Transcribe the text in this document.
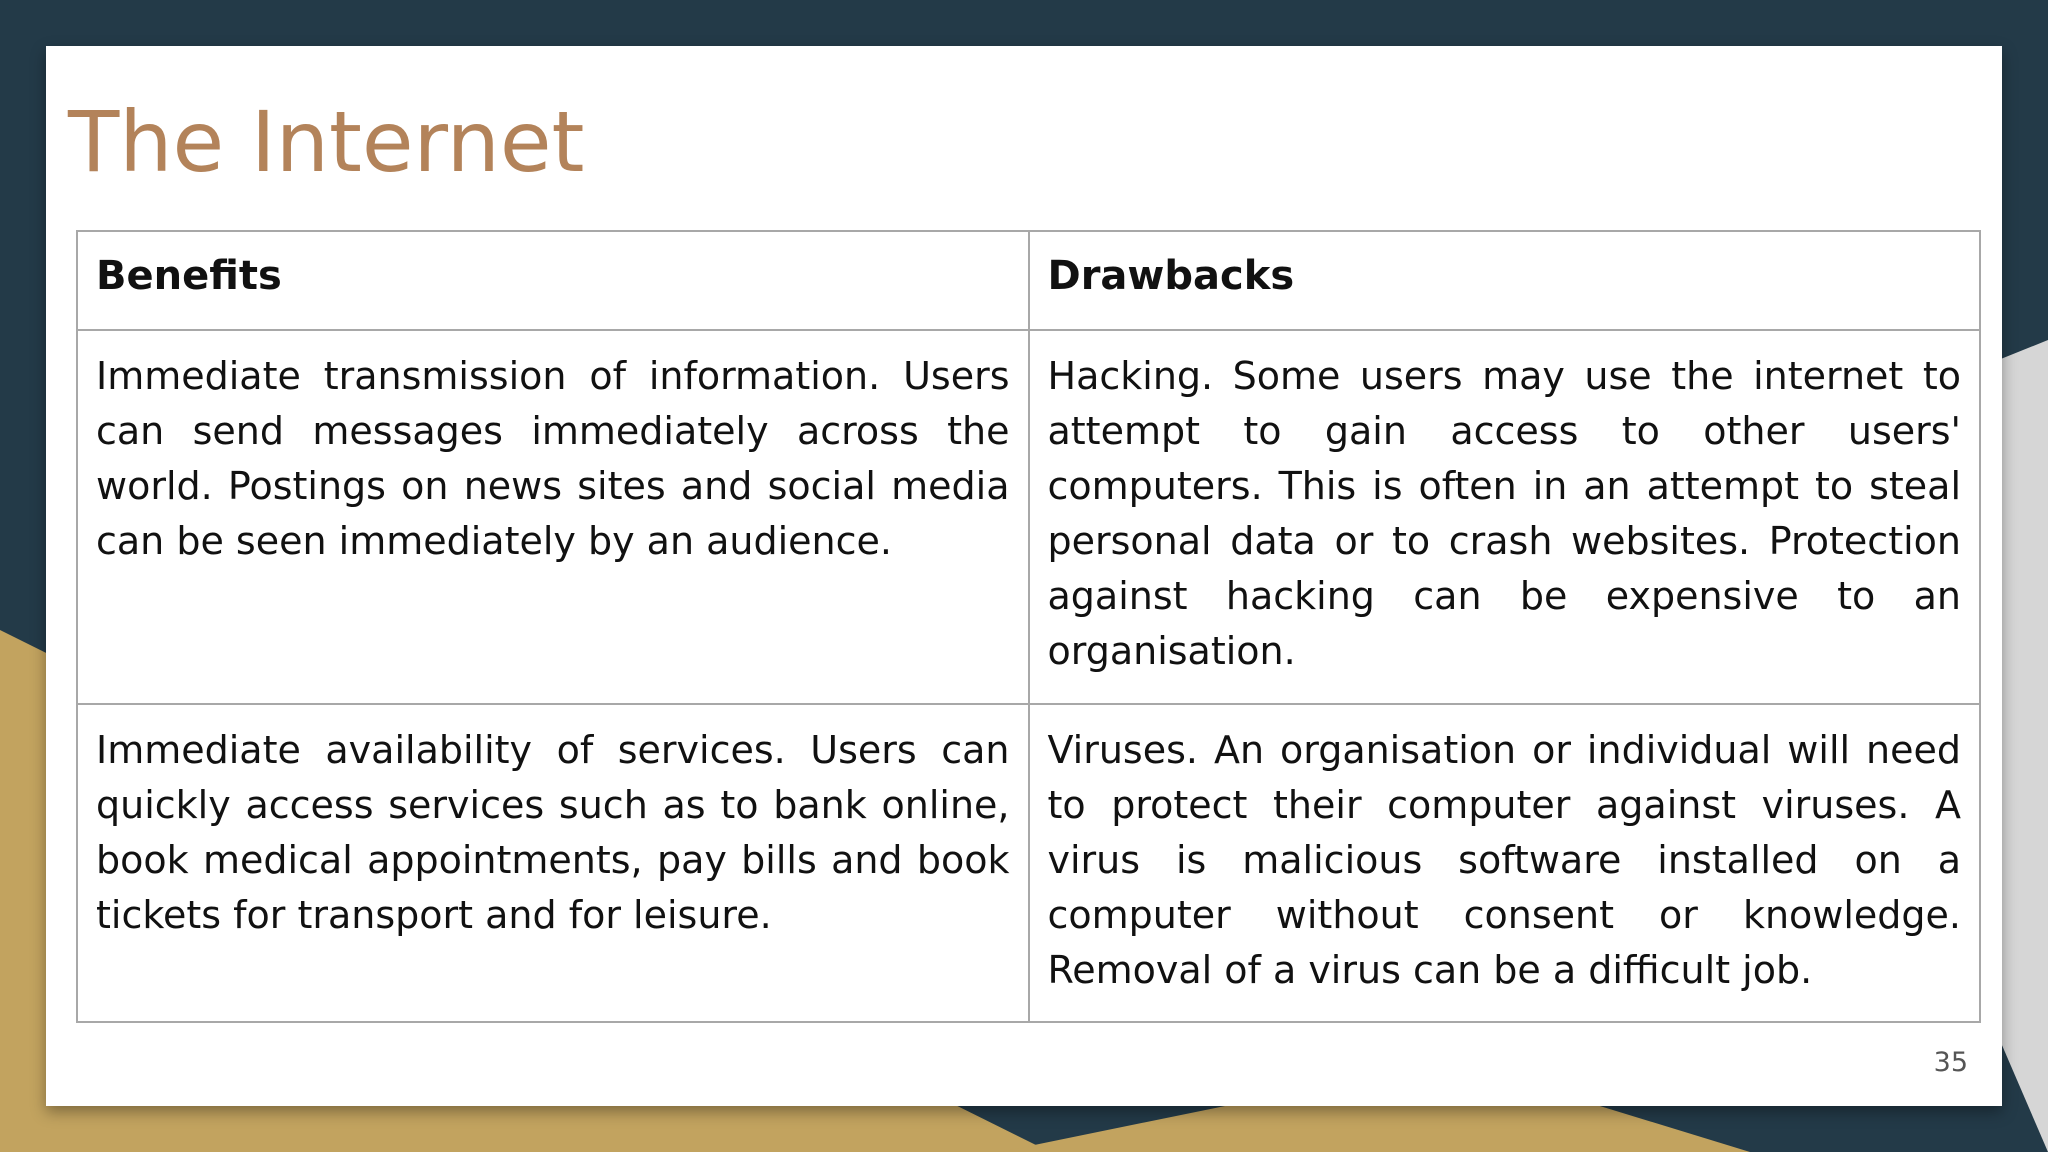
The Internet
Benefits	Drawbacks
Immediate transmission of information. Users can send messages immediately across the world. Postings on news sites and social media can be seen immediately by an audience.	Hacking. Some users may use the internet to attempt to gain access to other users' computers. This is often in an attempt to steal personal data or to crash websites. Protection against hacking can be expensive to an organisation.
Immediate availability of services. Users can quickly access services such as to bank online, book medical appointments, pay bills and book tickets for transport and for leisure.	Viruses. An organisation or individual will need to protect their computer against viruses. A virus is malicious software installed on a computer without consent or knowledge. Removal of a virus can be a difficult job.
35
